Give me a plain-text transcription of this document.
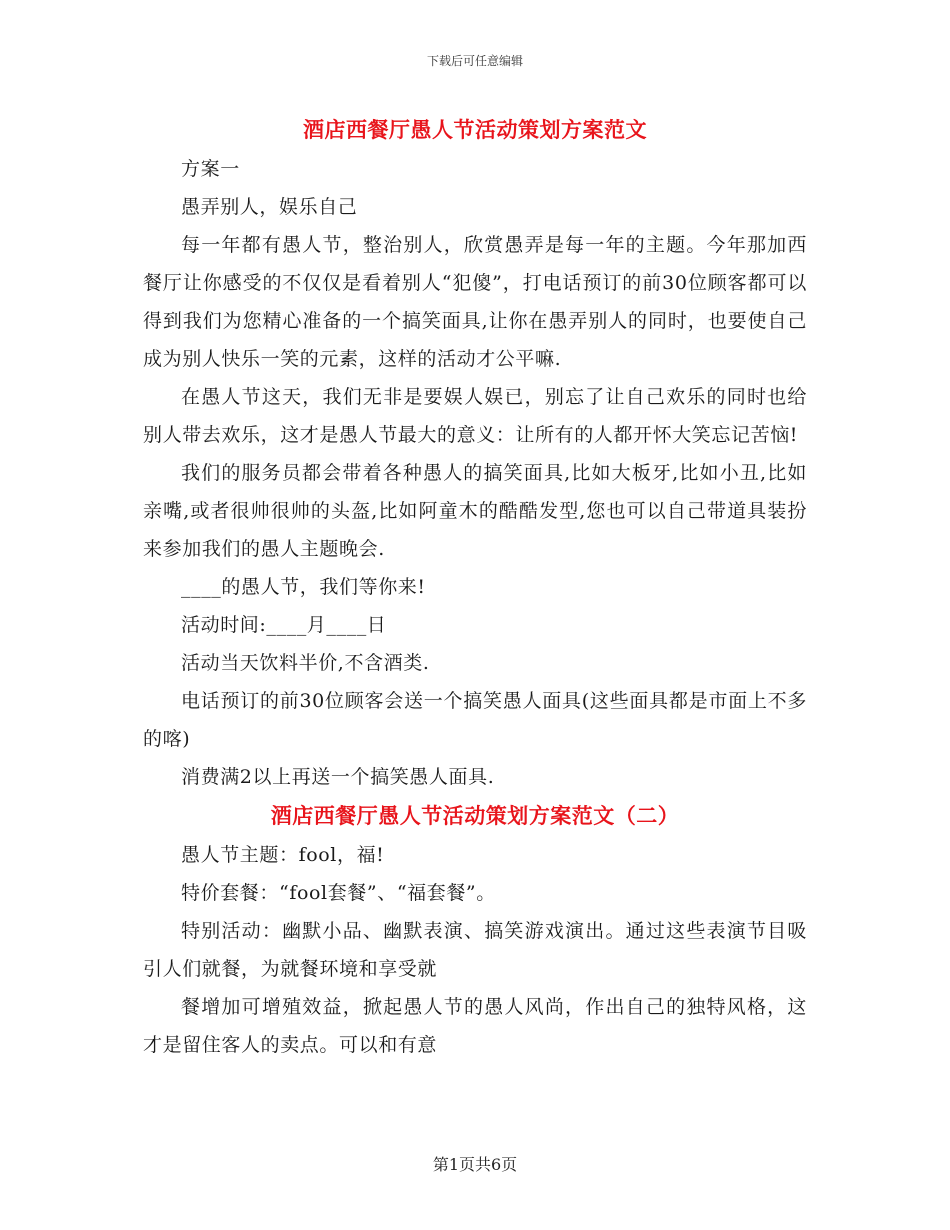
下载后可任意编辑
酒店西餐厅愚人节活动策划方案范文

方案一

愚弄别人，娱乐自己

每一年都有愚人节，整治别人，欣赏愚弄是每一年的主题。今年那加西餐厅让你感受的不仅仅是看着别人“犯傻”，打电话预订的前30位顾客都可以得到我们为您精心准备的一个搞笑面具,让你在愚弄别人的同时，也要使自己成为别人快乐一笑的元素，这样的活动才公平嘛.

在愚人节这天，我们无非是要娱人娱已，别忘了让自己欢乐的同时也给别人带去欢乐，这才是愚人节最大的意义：让所有的人都开怀大笑忘记苦恼!

我们的服务员都会带着各种愚人的搞笑面具,比如大板牙,比如小丑,比如亲嘴,或者很帅很帅的头盔,比如阿童木的酷酷发型,您也可以自己带道具装扮来参加我们的愚人主题晚会.

____的愚人节，我们等你来!

活动时间:____月____日

活动当天饮料半价,不含酒类.

电话预订的前30位顾客会送一个搞笑愚人面具(这些面具都是市面上不多的喀)

消费满2以上再送一个搞笑愚人面具.

酒店西餐厅愚人节活动策划方案范文（二）

愚人节主题：fool，福!

特价套餐：“fool套餐”、“福套餐”。

特别活动：幽默小品、幽默表演、搞笑游戏演出。通过这些表演节目吸引人们就餐，为就餐环境和享受就

餐增加可增殖效益，掀起愚人节的愚人风尚，作出自己的独特风格，这才是留住客人的卖点。可以和有意

第1页共6页
